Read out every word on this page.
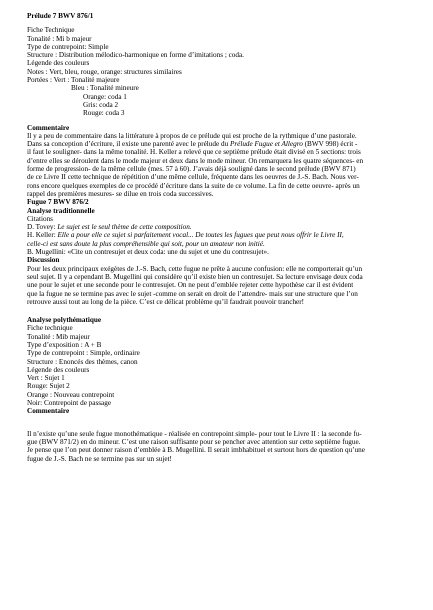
Prélude 7 BWV 876/1
Fiche Technique
Tonalité : Mi b majeur
Type de contrepoint: Simple
Structure : Distribution mélodico-harmonique en forme d’imitations ; coda.
Légende des couleurs
Notes : Vert, bleu, rouge, orange: structures similaires
Portées : Vert : Tonalité majeure
Bleu : Tonalité mineure
Orange: coda 1
Gris: coda 2
Rouge: coda 3
Commentaire
Il y a peu de commentaire dans la littérature à propos de ce prélude qui est proche de la rythmique d’une pastorale.
Dans sa conception d’écriture, il existe une parenté avec le prélude du Prélude Fugue et Allegro (BWV 998) écrit -
il faut le souligner- dans la même tonalité. H. Keller a relevé que ce septième prélude était divisé en 5 sections: trois
d’entre elles se déroulent dans le mode majeur et deux dans le mode mineur. On remarquera les quatre séquences- en
forme de progression- de la même cellule (mes. 57 à 60). J’avais déjà souligné dans le second prélude (BWV 871)
de ce Livre II cette technique de répétition d’une même cellule, fréquente dans les oeuvres de J.-S. Bach. Nous ver-
rons encore quelques exemples de ce procédé d’écriture dans la suite de ce volume. La fin de cette oeuvre- après un
rappel des premières mesures- se dilue en trois coda successives.
Fugue 7 BWV 876/2
Analyse traditionnelle
Citations
D. Tovey: Le sujet est le seul thème de cette composition.
H. Keller: Elle a pour elle ce sujet si parfaitement vocal... De toutes les fugues que peut nous offrir le Livre II,
celle-ci est sans doute la plus compréhensible qui soit, pour un amateur non initié.
B. Mugellini: «Cite un contresujet et deux coda: une du sujet et une du contresujet».
Discussion
Pour les deux principaux exégètes de J.-S. Bach, cette fugue ne prête à aucune confusion: elle ne comporterait qu’un
seul sujet. Il y a cependant B. Mugellini qui considère qu’il existe bien un contresujet. Sa lecture envisage deux coda
une pour le sujet et une seconde pour le contresujet. On ne peut d’emblée rejeter cette hypothèse car il est évident
que la fugue ne se termine pas avec le sujet -comme on serait en droit de l’attendre- mais sur une structure que l’on
retrouve aussi tout au long de la pièce. C’est ce délicat problème qu’il faudrait pouvoir trancher!
Analyse polythématique
Fiche technique
Tonalité : Mib majeur
Type d’exposition : A + B
Type de contrepoint : Simple, ordinaire
Structure : Enoncés des thèmes, canon
Légende des couleurs
Vert : Sujet 1
Rouge: Sujet 2
Orange : Nouveau contrepoint
Noir: Contrepoint de passage
Commentaire
Il n’existe qu’une seule fugue monothématique - réalisée en contrepoint simple- pour tout le Livre II : la seconde fu-
gue (BWV 871/2) en do mineur. C’est une raison suffisante pour se pencher avec attention sur cette septième fugue.
Je pense que l’on peut donner raison d’emblée à B. Mugellini. Il serait imbhabituel et surtout hors de question qu’une
fugue de J.-S. Bach ne se termine pas sur un sujet!
